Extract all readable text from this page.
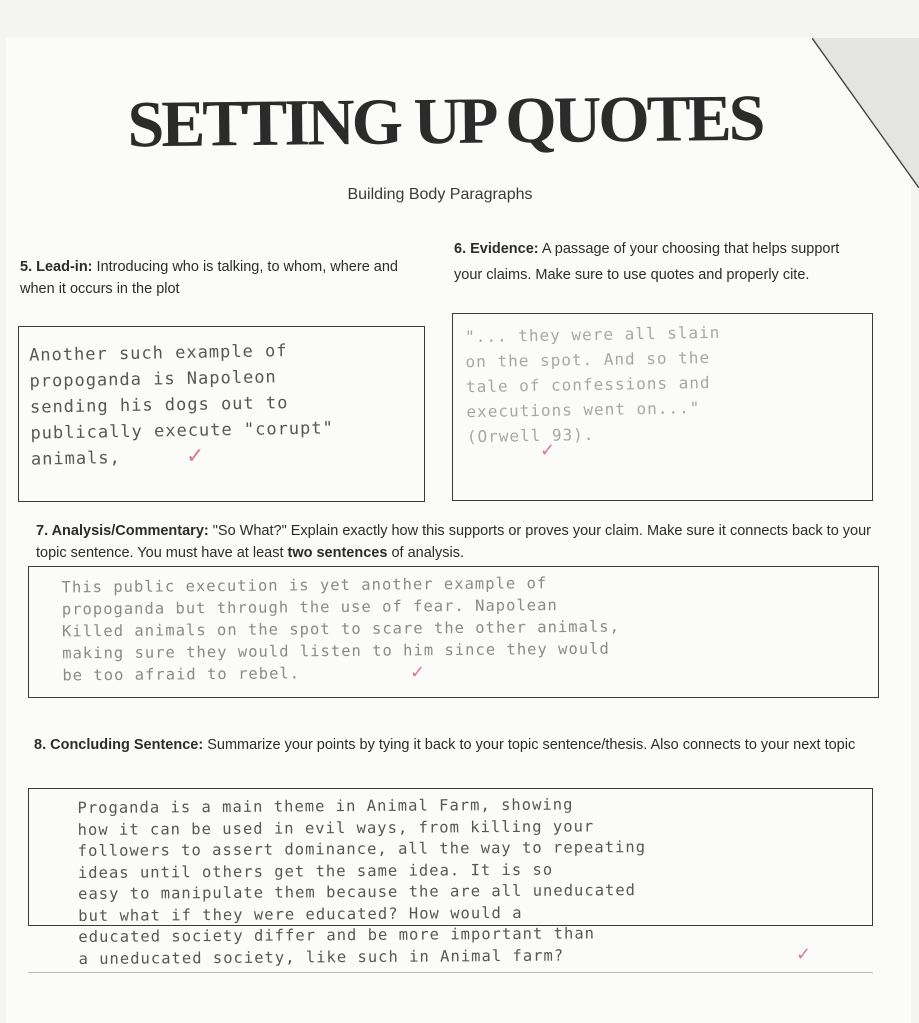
SETTING UP QUOTES
Building Body Paragraphs
5. Lead-in: Introducing who is talking, to whom, where and when it occurs in the plot
Another such example of
propoganda is Napoleon
sending his dogs out to
publically execute "corupt"
animals,	✓
6. Evidence: A passage of your choosing that helps support your claims. Make sure to use quotes and properly cite.
"... they were all slain
on the spot. And so the
tale of confessions and
executions went on..."
(Orwell 93).
✓
7. Analysis/Commentary: "So What?" Explain exactly how this supports or proves your claim. Make sure it connects back to your topic sentence. You must have at least two sentences of analysis.
This public execution is yet another example of
propoganda but through the use of fear. Napolean
Killed animals on the spot to scare the other animals,
making sure they would listen to him since they would
be too afraid to rebel.	✓
8. Concluding Sentence: Summarize your points by tying it back to your topic sentence/thesis. Also connects to your next topic
Proganda is a main theme in Animal Farm, showing
how it can be used in evil ways, from killing your
followers to assert dominance, all the way to repeating
ideas until others get the same idea. It is so
easy to manipulate them because the are all uneducated
but what if they were educated? How would a
educated society differ and be more important than
a uneducated society, like such in Animal farm?	✓
